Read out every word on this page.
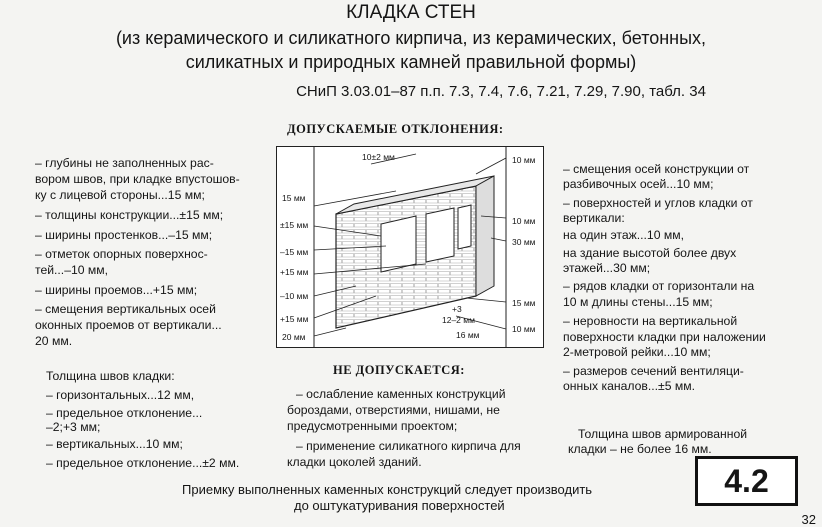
КЛАДКА СТЕН
(из керамического и силикатного кирпича, из керамических, бетонных,
силикатных и природных камней правильной формы)
СНиП 3.03.01–87 п.п. 7.3, 7.4, 7.6, 7.21, 7.29, 7.90, табл. 34
ДОПУСКАЕМЫЕ ОТКЛОНЕНИЯ:
– глубины не заполненных рас-
вором швов, при кладке впустошов-
ку с лицевой стороны...15 мм;
– толщины конструкции...±15 мм;
– ширины простенков...–15 мм;
– отметок опорных поверхнос-
тей...–10 мм,
– ширины проемов...+15 мм;
– смещения вертикальных осей
оконных проемов от вертикали...
20 мм.
Толщина швов кладки:
– горизонтальных...12 мм,
– предельное отклонение...
–2;+3 мм;
– вертикальных...10 мм;
– предельное отклонение...±2 мм.
– смещения осей конструкции от
разбивочных осей...10 мм;
– поверхностей и углов кладки от
вертикали:
на один этаж...10 мм,
на здание высотой более двух
этажей...30 мм;
– рядов кладки от горизонтали на
10 м длины стены...15 мм;
– неровности на вертикальной
поверхности кладки при наложении
2-метровой рейки...10 мм;
– размеров сечений вентиляци-
онных каналов...±5 мм.
Толщина швов армированной
кладки – не более 16 мм.
10±2 мм
15 мм
±15 мм
–15 мм
+15 мм
–10 мм
+15 мм
20 мм
10 мм
10 мм
30 мм
15 мм
10 мм
+3
12–2 мм
16 мм
НЕ ДОПУСКАЕТСЯ:
– ослабление каменных конструкций
бороздами, отверстиями, нишами, не
предусмотренными проектом;
– применение силикатного кирпича для
кладки цоколей зданий.
Приемку выполненных каменных конструкций следует производить
до оштукатуривания поверхностей
4.2
32
